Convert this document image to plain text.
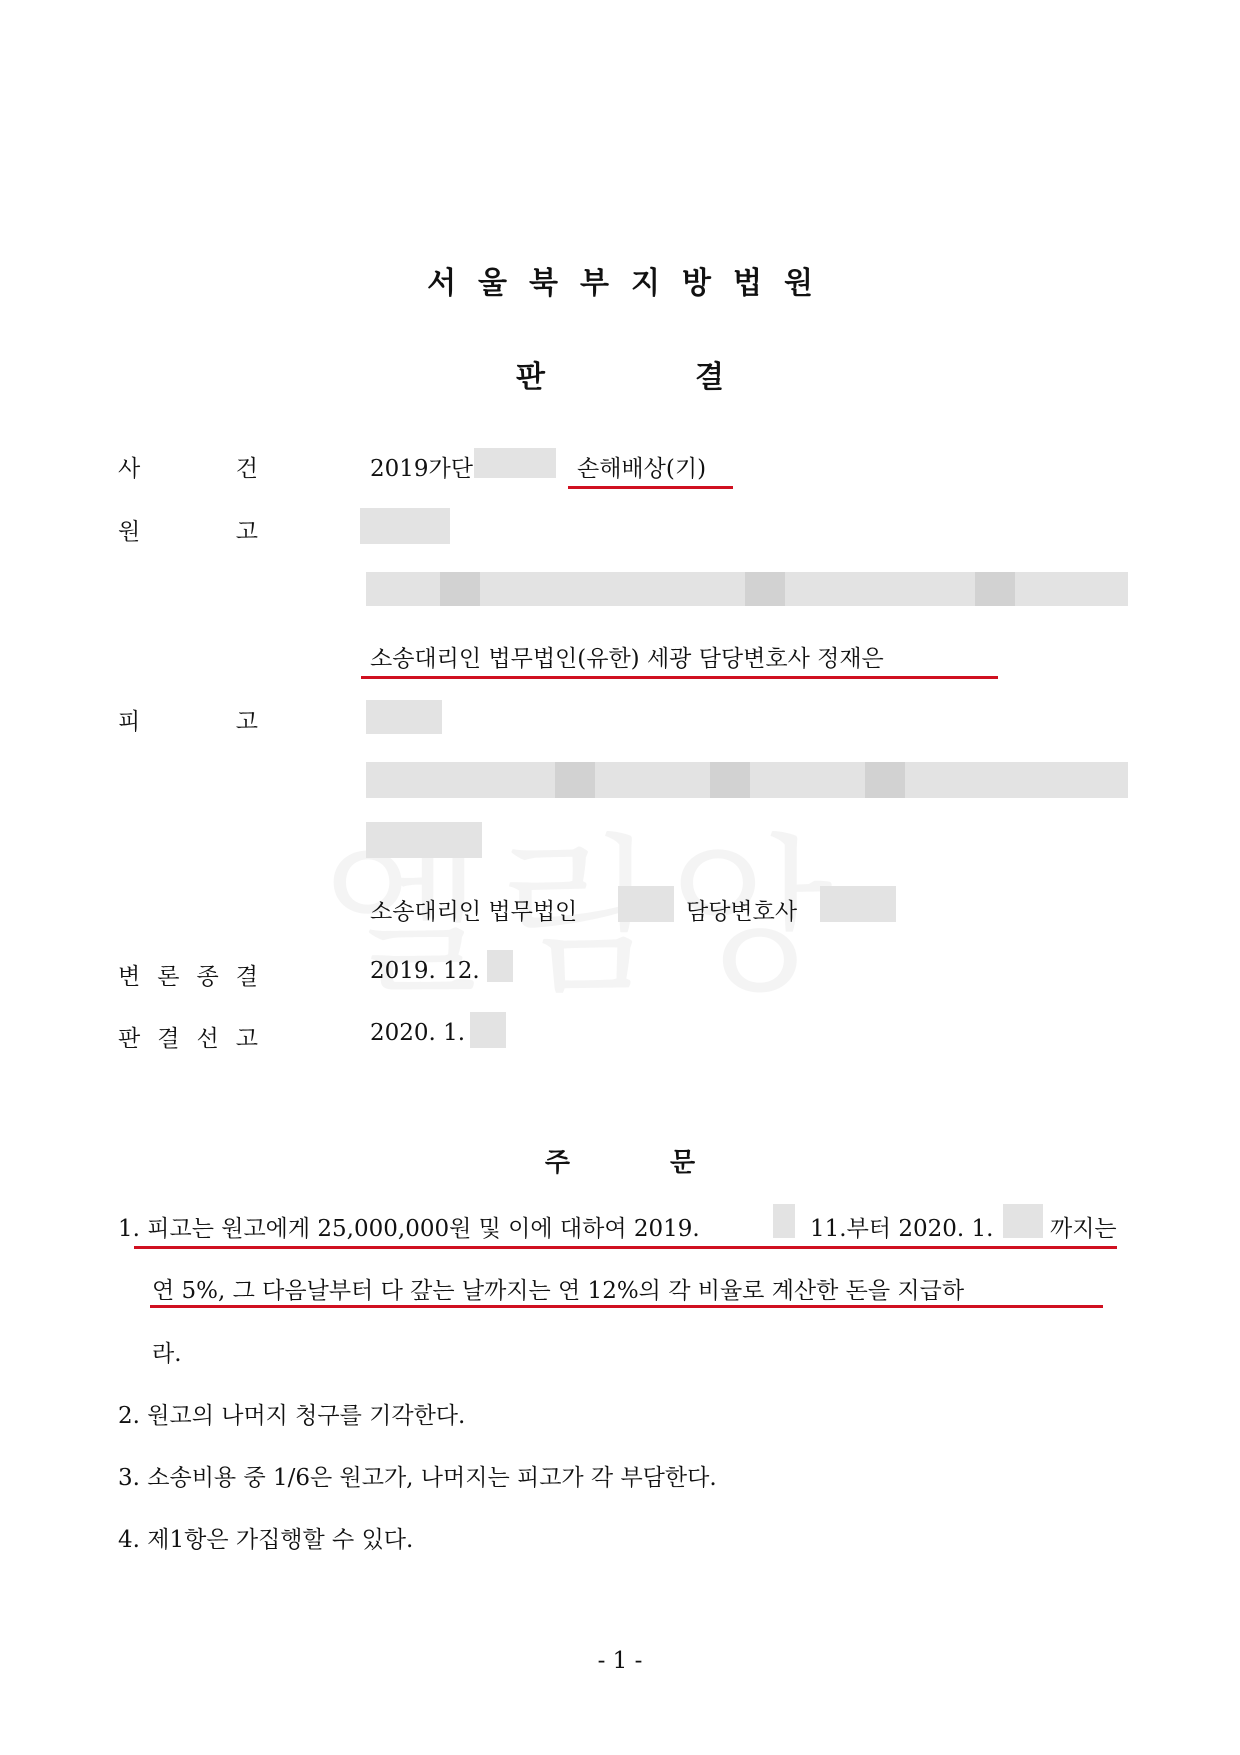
서울북부지방법원
판결
사	건	2019가단	손해배상(기)
원	고
소송대리인 법무법인(유한) 세광 담당변호사 정재은
피	고
소송대리인 법무법인	담당변호사
변 론 종 결	2019. 12.
판 결 선 고	2020. 1.
주문
1. 피고는 원고에게 25,000,000원 및 이에 대하여 2019.	11.부터 2020. 1. 까지는
연 5%, 그 다음날부터 다 갚는 날까지는 연 12%의 각 비율로 계산한 돈을 지급하
라.
2. 원고의 나머지 청구를 기각한다.
3. 소송비용 중 1/6은 원고가, 나머지는 피고가 각 부담한다.
4. 제1항은 가집행할 수 있다.
- 1 -
